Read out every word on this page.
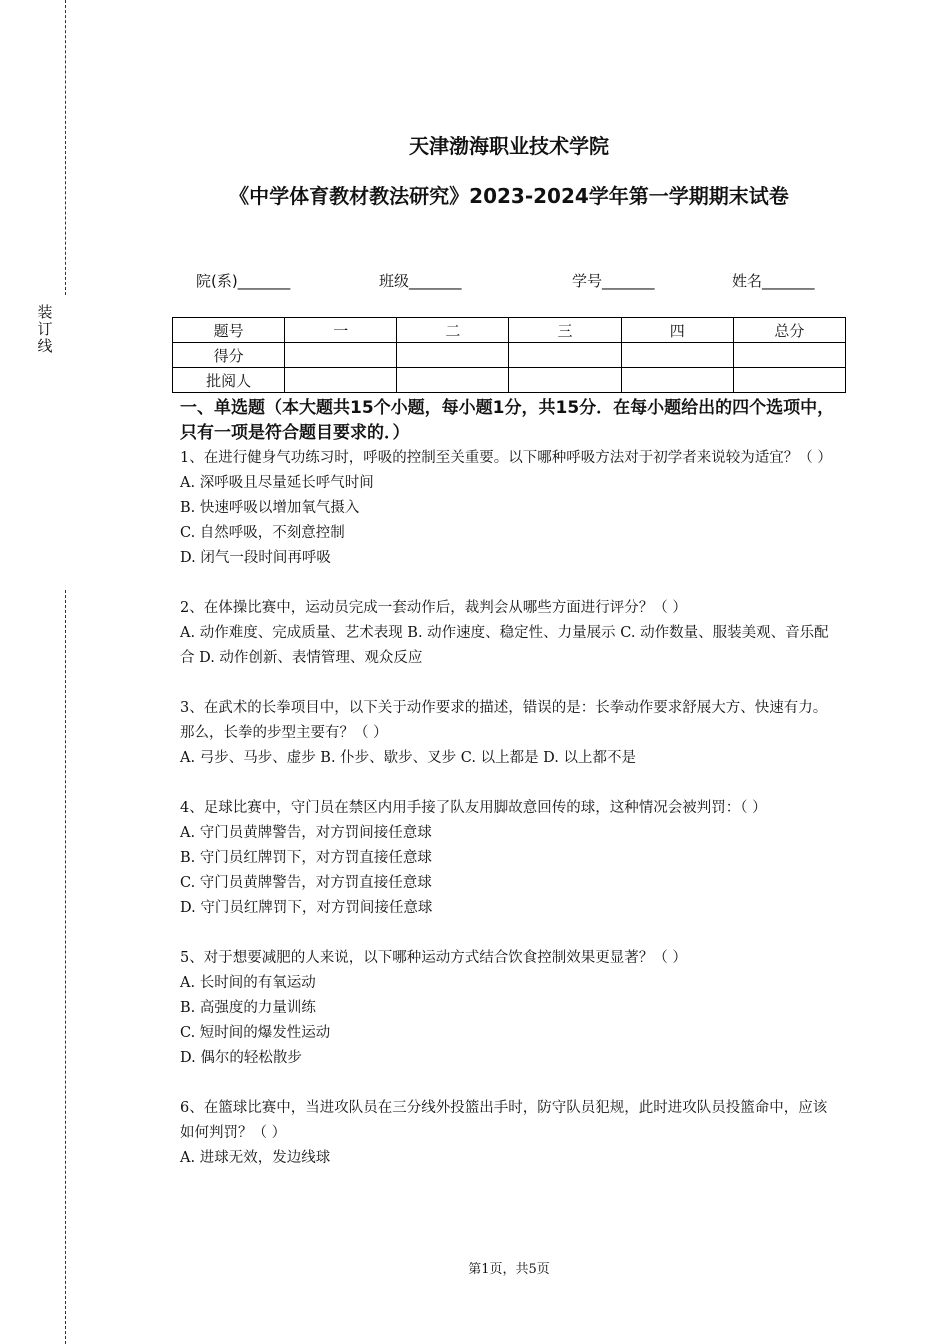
装
订
线
天津渤海职业技术学院
《中学体育教材教法研究》2023-2024学年第一学期期末试卷
院(系)_______	班级_______	学号_______	姓名_______
题号	一	二	三	四	总分
得分					
批阅人					
一、单选题（本大题共15个小题，每小题1分，共15分．在每小题给出的四个选项中，只有一项是符合题目要求的．）

1、在进行健身气功练习时，呼吸的控制至关重要。以下哪种呼吸方法对于初学者来说较为适宜？（ ）

A. 深呼吸且尽量延长呼气时间

B. 快速呼吸以增加氧气摄入

C. 自然呼吸，不刻意控制

D. 闭气一段时间再呼吸

2、在体操比赛中，运动员完成一套动作后，裁判会从哪些方面进行评分？（ ）

A. 动作难度、完成质量、艺术表现 B. 动作速度、稳定性、力量展示 C. 动作数量、服装美观、音乐配合 D. 动作创新、表情管理、观众反应

3、在武术的长拳项目中，以下关于动作要求的描述，错误的是：长拳动作要求舒展大方、快速有力。那么，长拳的步型主要有？（ ）

A. 弓步、马步、虚步 B. 仆步、歇步、叉步 C. 以上都是 D. 以上都不是

4、足球比赛中，守门员在禁区内用手接了队友用脚故意回传的球，这种情况会被判罚：（ ）

A. 守门员黄牌警告，对方罚间接任意球

B. 守门员红牌罚下，对方罚直接任意球

C. 守门员黄牌警告，对方罚直接任意球

D. 守门员红牌罚下，对方罚间接任意球

5、对于想要减肥的人来说，以下哪种运动方式结合饮食控制效果更显著？（ ）

A. 长时间的有氧运动

B. 高强度的力量训练

C. 短时间的爆发性运动

D. 偶尔的轻松散步

6、在篮球比赛中，当进攻队员在三分线外投篮出手时，防守队员犯规，此时进攻队员投篮命中，应该如何判罚？（ ）

A. 进球无效，发边线球

第1页，共5页
